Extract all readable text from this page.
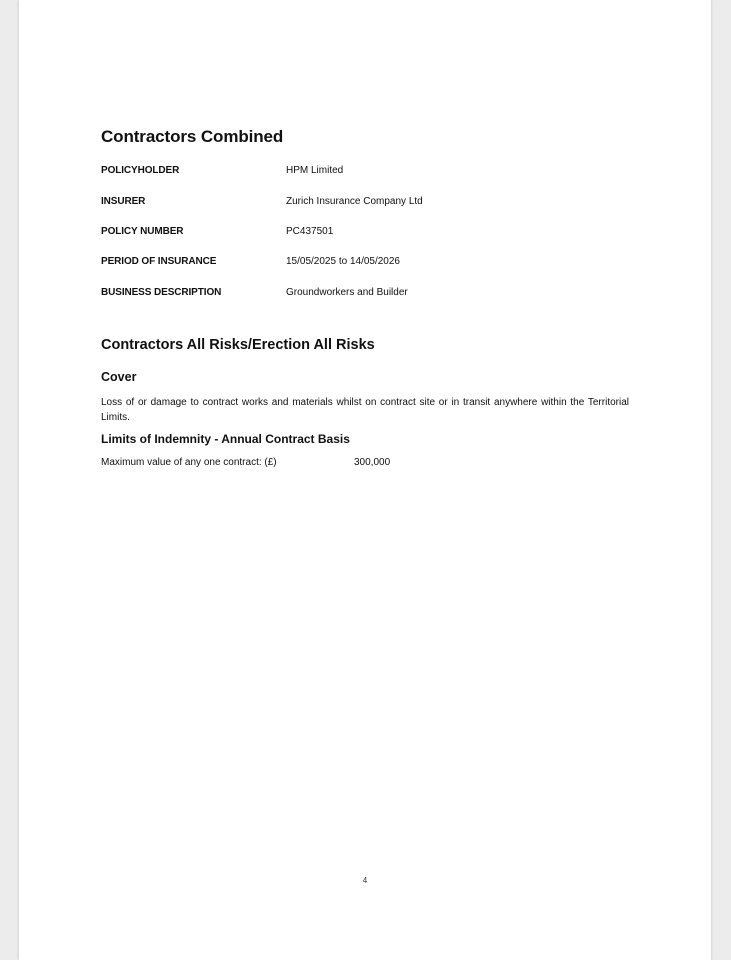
Contractors Combined
POLICYHOLDER	HPM Limited
INSURER	Zurich Insurance Company Ltd
POLICY NUMBER	PC437501
PERIOD OF INSURANCE	15/05/2025 to 14/05/2026
BUSINESS DESCRIPTION	Groundworkers and Builder
Contractors All Risks/Erection All Risks
Cover

Loss of or damage to contract works and materials whilst on contract site or in transit anywhere within the Territorial Limits.

Limits of Indemnity - Annual Contract Basis
Maximum value of any one contract: (£)	300,000
4
